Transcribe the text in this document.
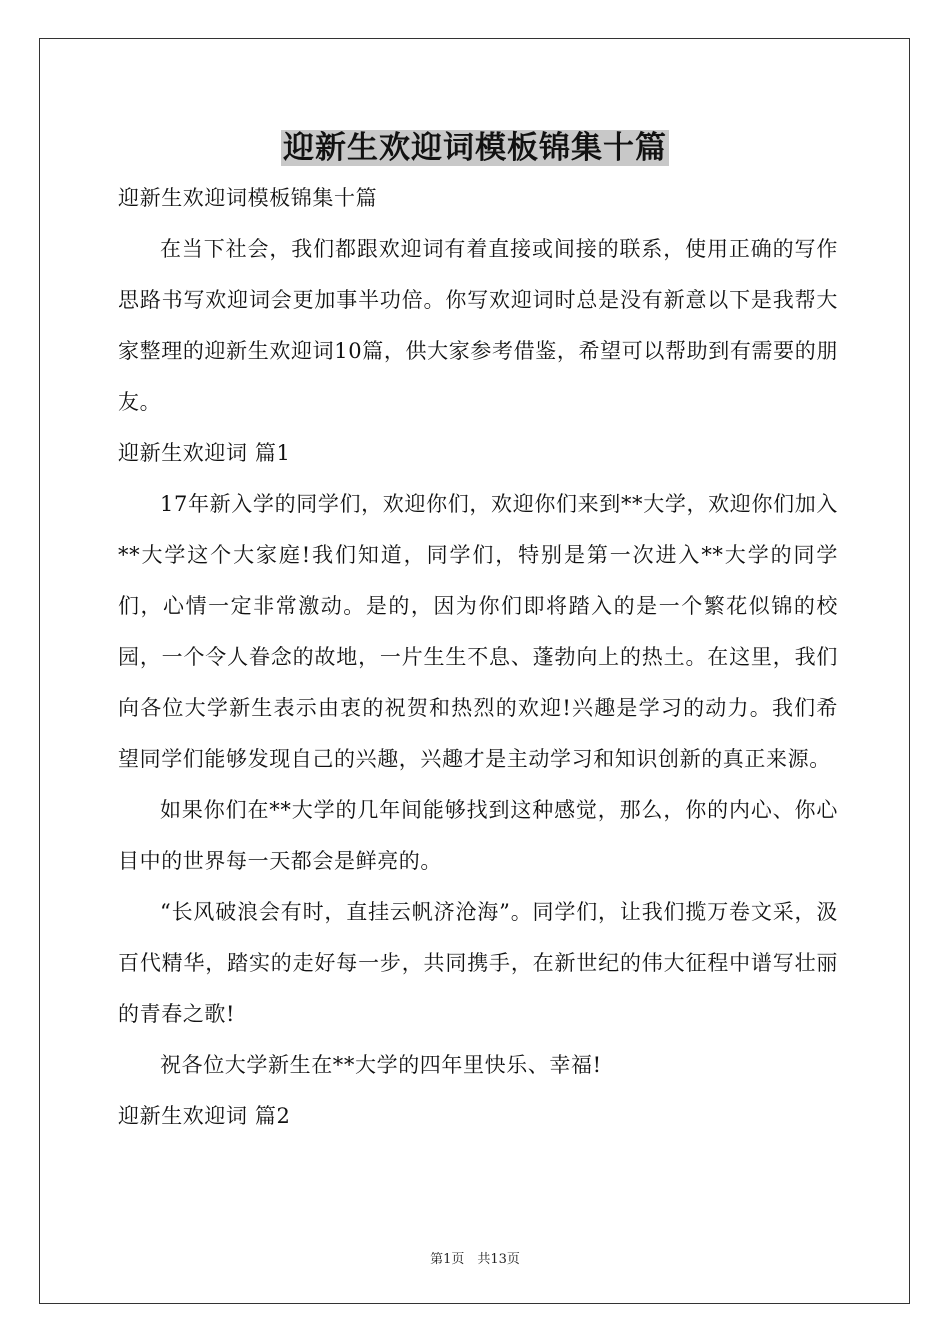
迎新生欢迎词模板锦集十篇

迎新生欢迎词模板锦集十篇

在当下社会，我们都跟欢迎词有着直接或间接的联系，使用正确的写作思路书写欢迎词会更加事半功倍。你写欢迎词时总是没有新意以下是我帮大家整理的迎新生欢迎词10篇，供大家参考借鉴，希望可以帮助到有需要的朋友。

迎新生欢迎词 篇1

17年新入学的同学们，欢迎你们，欢迎你们来到**大学，欢迎你们加入**大学这个大家庭!我们知道，同学们，特别是第一次进入**大学的同学们，心情一定非常激动。是的，因为你们即将踏入的是一个繁花似锦的校园，一个令人眷念的故地，一片生生不息、蓬勃向上的热土。在这里，我们向各位大学新生表示由衷的祝贺和热烈的欢迎!兴趣是学习的动力。我们希望同学们能够发现自己的兴趣，兴趣才是主动学习和知识创新的真正来源。

如果你们在**大学的几年间能够找到这种感觉，那么，你的内心、你心目中的世界每一天都会是鲜亮的。

“长风破浪会有时，直挂云帆济沧海”。同学们，让我们揽万卷文采，汲百代精华，踏实的走好每一步，共同携手，在新世纪的伟大征程中谱写壮丽的青春之歌!

祝各位大学新生在**大学的四年里快乐、幸福!

迎新生欢迎词 篇2

第1页　共13页
